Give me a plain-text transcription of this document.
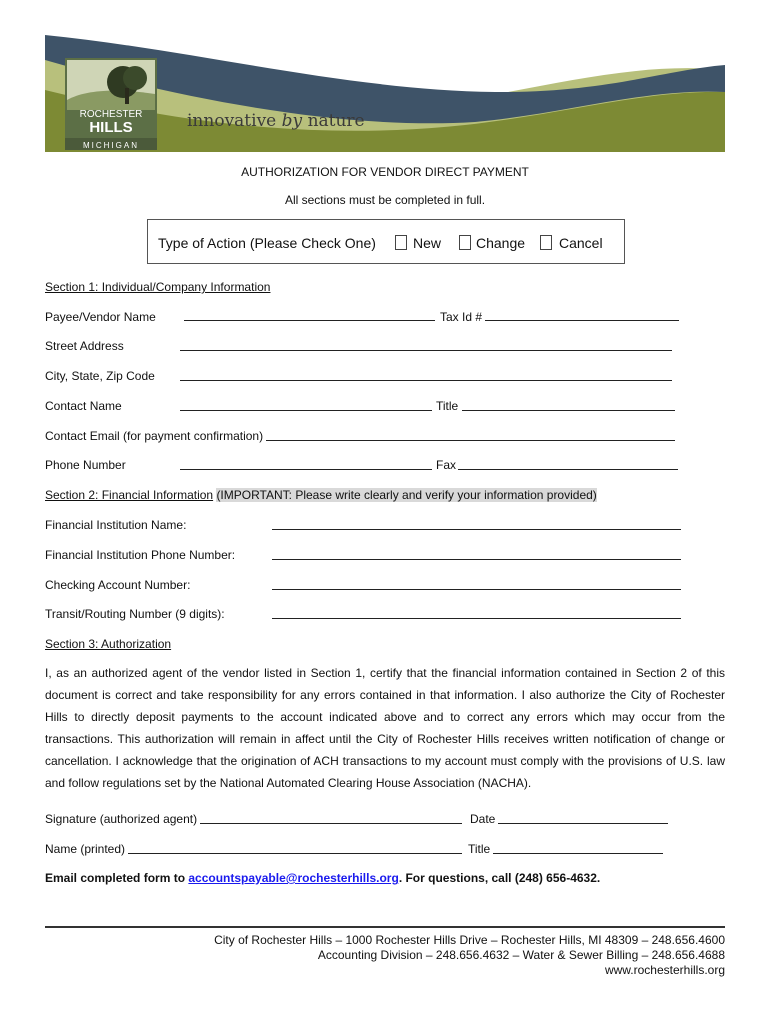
ROCHESTER
HILLS
MICHIGAN
innovative by nature
AUTHORIZATION FOR VENDOR DIRECT PAYMENT
All sections must be completed in full.
Type of Action (Please Check One)	New Change Cancel
Section 1: Individual/Company Information
Payee/Vendor Name	Tax Id #
Street Address
City, State, Zip Code
Contact Name	Title
Contact Email (for payment confirmation)
Phone Number	Fax
Section 2: Financial Information (IMPORTANT: Please write clearly and verify your information provided)
Financial Institution Name:
Financial Institution Phone Number:
Checking Account Number:
Transit/Routing Number (9 digits):
Section 3: Authorization
I, as an authorized agent of the vendor listed in Section 1, certify that the financial information contained in Section 2 of this document is correct and take responsibility for any errors contained in that information. I also authorize the City of Rochester Hills to directly deposit payments to the account indicated above and to correct any errors which may occur from the transactions. This authorization will remain in affect until the City of Rochester Hills receives written notification of change or cancellation. I acknowledge that the origination of ACH transactions to my account must comply with the provisions of U.S. law and follow regulations set by the National Automated Clearing House Association (NACHA).
Signature (authorized agent)	Date
Name (printed)	Title
Email completed form to accountspayable@rochesterhills.org. For questions, call (248) 656-4632.
City of Rochester Hills – 1000 Rochester Hills Drive – Rochester Hills, MI 48309 – 248.656.4600
Accounting Division – 248.656.4632 – Water & Sewer Billing – 248.656.4688
www.rochesterhills.org
